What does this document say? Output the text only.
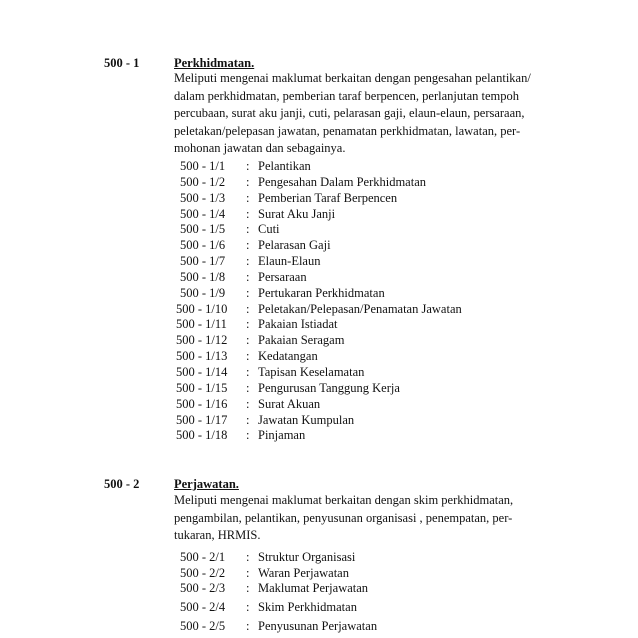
500 - 1	Perkhidmatan.
Meliputi mengenai maklumat berkaitan dengan pengesahan pelantikan/
dalam perkhidmatan, pemberian taraf berpencen, perlanjutan tempoh
percubaan, surat aku janji, cuti, pelarasan gaji, elaun-elaun, persaraan,
peletakan/pelepasan jawatan, penamatan perkhidmatan, lawatan, per-
mohonan jawatan dan sebagainya.
500 - 1/1	: Pelantikan
500 - 1/2	: Pengesahan Dalam Perkhidmatan
500 - 1/3	: Pemberian Taraf Berpencen
500 - 1/4	: Surat Aku Janji
500 - 1/5	: Cuti
500 - 1/6	: Pelarasan Gaji
500 - 1/7	: Elaun-Elaun
500 - 1/8	: Persaraan
500 - 1/9	: Pertukaran Perkhidmatan
500 - 1/10	: Peletakan/Pelepasan/Penamatan Jawatan
500 - 1/11	: Pakaian Istiadat
500 - 1/12	: Pakaian Seragam
500 - 1/13	: Kedatangan
500 - 1/14	: Tapisan Keselamatan
500 - 1/15	: Pengurusan Tanggung Kerja
500 - 1/16	: Surat Akuan
500 - 1/17	: Jawatan Kumpulan
500 - 1/18	: Pinjaman
500 - 2	Perjawatan.
Meliputi mengenai maklumat berkaitan dengan skim perkhidmatan,
pengambilan, pelantikan, penyusunan organisasi , penempatan, per-
tukaran, HRMIS.
500 - 2/1	: Struktur Organisasi
500 - 2/2	: Waran Perjawatan
500 - 2/3	: Maklumat Perjawatan
500 - 2/4	: Skim Perkhidmatan
500 - 2/5	: Penyusunan Perjawatan
